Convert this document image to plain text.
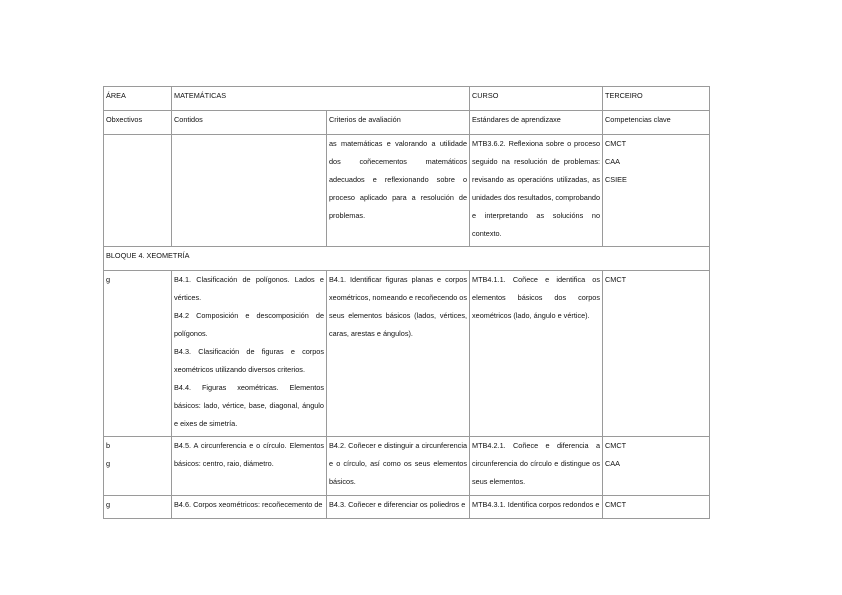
ÁREA	MATEMÁTICAS		CURSO	TERCEIRO
Obxectivos	Contidos	Criterios de avaliación	Estándares de aprendizaxe	Competencias clave
		as matemáticas e valorando a utilidade dos coñecementos matemáticos adecuados e reflexionando sobre o proceso aplicado para a resolución de problemas.	MTB3.6.2. Reflexiona sobre o proceso seguido na resolución de problemas: revisando as operacións utilizadas, as unidades dos resultados, comprobando e interpretando as solucións no contexto.	CMCT
CAA
CSIEE

BLOQUE 4. XEOMETRÍA				

g	B4.1. Clasificación de polígonos. Lados e vértices.
B4.2 Composición e descomposición de polígonos.
B4.3. Clasificación de figuras e corpos xeométricos utilizando diversos criterios.
B4.4. Figuras xeométricas. Elementos básicos: lado, vértice, base, diagonal, ángulo e eixes de simetría.	B4.1. Identificar figuras planas e corpos xeométricos, nomeando e recoñecendo os seus elementos básicos (lados, vértices, caras, arestas e ángulos).	MTB4.1.1. Coñece e identifica os elementos básicos dos corpos xeométricos (lado, ángulo e vértice).	CMCT

b
g	B4.5. A circunferencia e o círculo. Elementos básicos: centro, raio, diámetro.	B4.2. Coñecer e distinguir a circunferencia e o círculo, así como os seus elementos básicos.	MTB4.2.1. Coñece e diferencia a circunferencia do círculo e distingue os seus elementos.	CMCT
CAA

g	B4.6. Corpos xeométricos: recoñecemento de	B4.3. Coñecer e diferenciar os poliedros e	MTB4.3.1. Identifica corpos redondos e	CMCT
